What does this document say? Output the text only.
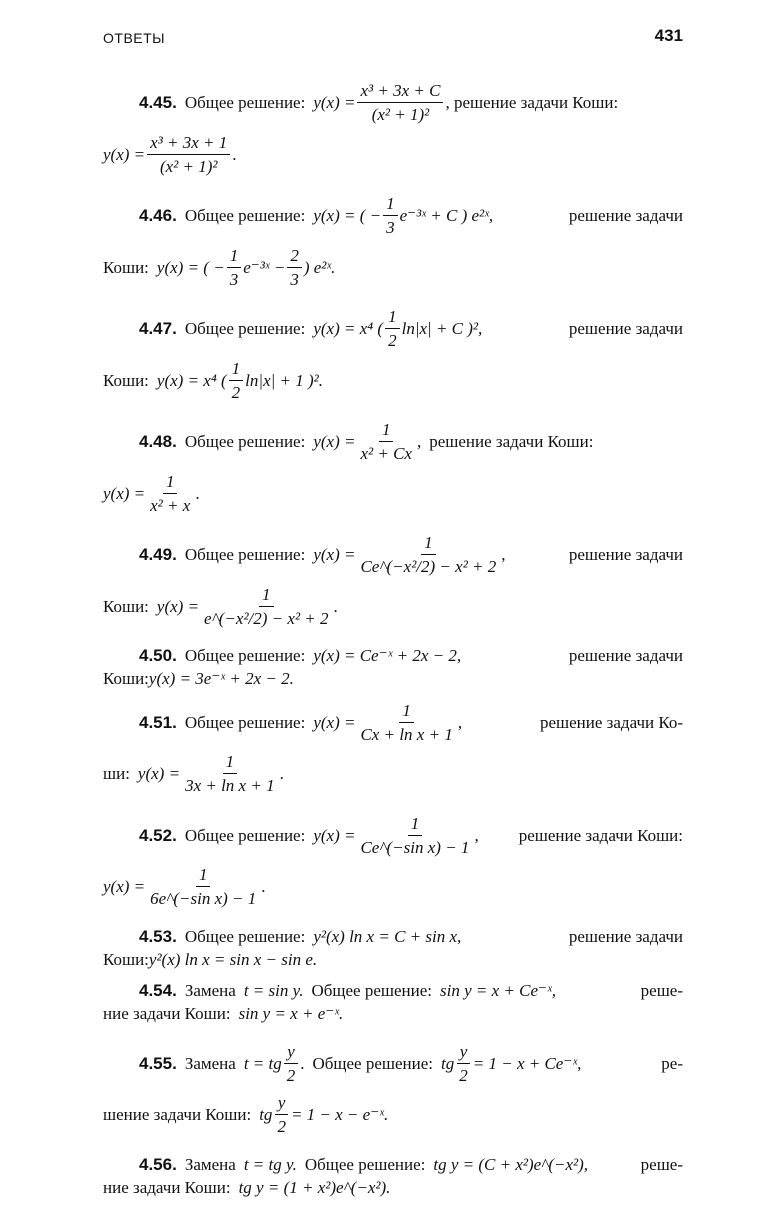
ОТВЕТЫ	431
4.45. Общее решение: $y(x) = \frac{\text{x³ + 3x + C}}{\text{(x² + 1)²}}$ , решение задачи Коши:
$y(x) = \frac{\text{x³ + 3x + 1}}{\text{(x² + 1)²}}$ .
4.46. Общее решение: y(x) = ( − $\frac{1}{3}$ e⁻³ˣ + C ) e²ˣ,	решение задачи
Коши: y(x) = ( − $\frac{1}{3}$ e⁻³ˣ − $\frac{2}{3}$ ) e²ˣ.
4.47. Общее решение: y(x) = x⁴ ( $\frac{1}{2} \ln|x| + C$ )²,	решение задачи
Коши: y(x) = x⁴ ( $\frac{1}{2} \ln|x| + 1$ )².
4.48. Общее решение: $y(x) = \frac{1}{\text{x² + Cx}}$ , решение задачи Коши:
$y(x) = \frac{1}{\text{x² + x}}$ .
4.49. Общее решение: $y(x) = \frac{1}{\text{Ce\textasciicircum{}(−x²/2) − x² + 2}}$ ,	решение задачи
Коши: $y(x) = \frac{1}{\text{e\textasciicircum{}(−x²/2) − x² + 2}}$ .
4.50. Общее решение: y(x) = Ce⁻ˣ + 2x − 2,	решение задачи
Коши: y(x) = 3e⁻ˣ + 2x − 2.
4.51. Общее решение: $y(x) = \frac{1}{\text{Cx + ln x + 1}}$ ,	решение задачи Ко-
ши: $y(x) = \frac{1}{\text{3x + ln x + 1}}$ .
4.52. Общее решение: $y(x) = \frac{1}{\text{Ce\textasciicircum{}(−sin x) − 1}}$ , решение задачи Коши:
$y(x) = \frac{1}{\text{6e\textasciicircum{}(−sin x) − 1}}$ .
4.53. Общее решение: y²(x) ln x = C + sin x,	решение задачи
Коши: y²(x) ln x = sin x − sin e.
4.54. Замена t = sin y. Общее решение: sin y = x + Ce⁻ˣ,	реше-
ние задачи Коши: sin y = x + e⁻ˣ.
4.55. Замена t = tg $\frac{y}{2}$ . Общее решение: tg $\frac{y}{2} = 1 - x$ + Ce⁻ˣ,	ре-
шение задачи Коши: tg $\frac{y}{2} = 1 - x$ − e⁻ˣ.
4.56. Замена t = tg y. Общее решение: tg y = (C + x²)e^(−x²),	реше-
ние задачи Коши: tg y = (1 + x²)e^(−x²).
